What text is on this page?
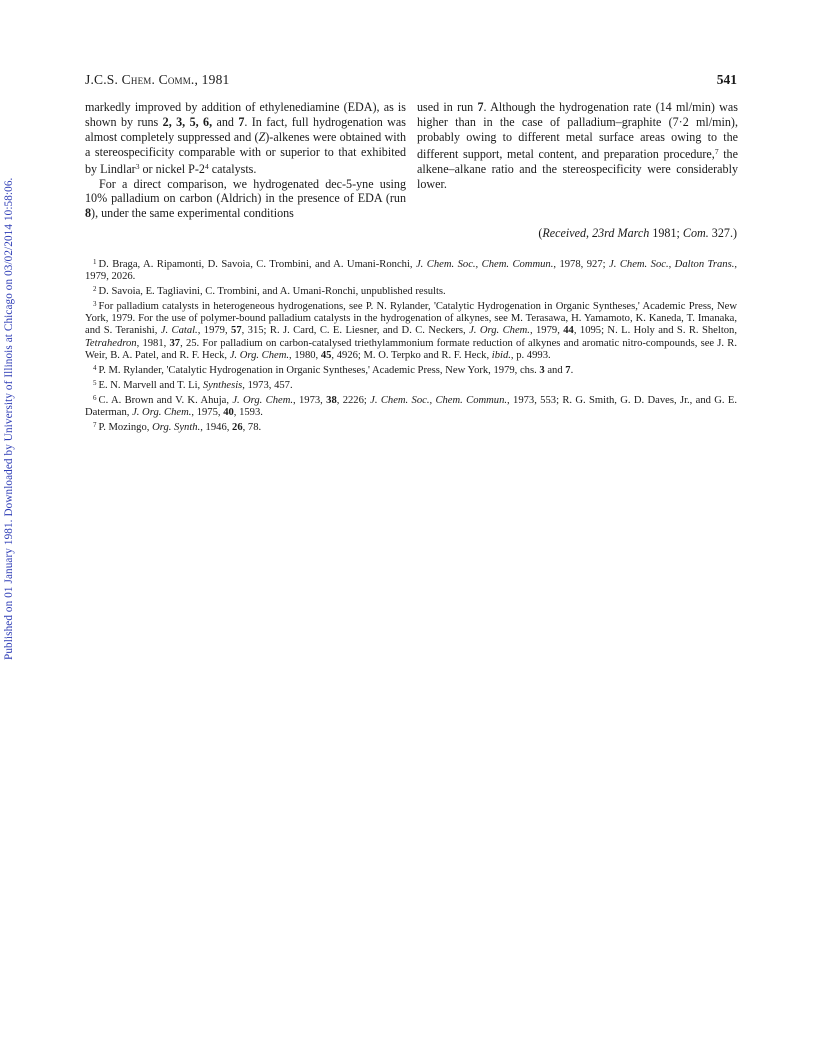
Published on 01 January 1981. Downloaded by University of Illinois at Chicago on 03/02/2014 10:58:06.
J.C.S. Chem. Comm., 1981	541

markedly improved by addition of ethylenediamine (EDA), as is shown by runs 2, 3, 5, 6, and 7. In fact, full hydrogenation was almost completely suppressed and (Z)-alkenes were obtained with a stereospecificity comparable with or superior to that exhibited by Lindlar$^3$ or nickel $P-2^4$ catalysts.

For a direct comparison, we hydrogenated dec-5-yne using 10% palladium on carbon (Aldrich) in the presence of EDA (run 8), under the same experimental conditions

used in run 7. Although the hydrogenation rate (14 ml/min) was higher than in the case of palladium–graphite (7·2 ml/min), probably owing to different metal surface areas owing to the different support, metal content, and preparation procedure,$^7$ the alkene–alkane ratio and the stereospecificity were considerably lower.

(Received, 23rd March 1981; Com. 327.)

$^1$ D. Braga, A. Ripamonti, D. Savoia, C. Trombini, and A. Umani-Ronchi, J. Chem. Soc., Chem. Commun., 1978, 927; J. Chem. Soc., Dalton Trans., 1979, 2026.

$^2$ D. Savoia, E. Tagliavini, C. Trombini, and A. Umani-Ronchi, unpublished results.

$^3$ For palladium catalysts in heterogeneous hydrogenations, see P. N. Rylander, 'Catalytic Hydrogenation in Organic Syntheses,' Academic Press, New York, 1979. For the use of polymer-bound palladium catalysts in the hydrogenation of alkynes, see M. Terasawa, H. Yamamoto, K. Kaneda, T. Imanaka, and S. Teranishi, J. Catal., 1979, 57, 315; R. J. Card, C. E. Liesner, and D. C. Neckers, J. Org. Chem., 1979, 44, 1095; N. L. Holy and S. R. Shelton, Tetrahedron, 1981, 37, 25. For palladium on carbon-catalysed triethylammonium formate reduction of alkynes and aromatic nitro-compounds, see J. R. Weir, B. A. Patel, and R. F. Heck, J. Org. Chem., 1980, 45, 4926; M. O. Terpko and R. F. Heck, ibid., p. 4993.

$^4$ P. M. Rylander, 'Catalytic Hydrogenation in Organic Syntheses,' Academic Press, New York, 1979, chs. 3 and 7.

$^5$ E. N. Marvell and T. Li, Synthesis, 1973, 457.

$^6$ C. A. Brown and V. K. Ahuja, J. Org. Chem., 1973, 38, 2226; J. Chem. Soc., Chem. Commun., 1973, 553; R. G. Smith, G. D. Daves, Jr., and G. E. Daterman, J. Org. Chem., 1975, 40, 1593.

$^7$ P. Mozingo, Org. Synth., 1946, 26, 78.
